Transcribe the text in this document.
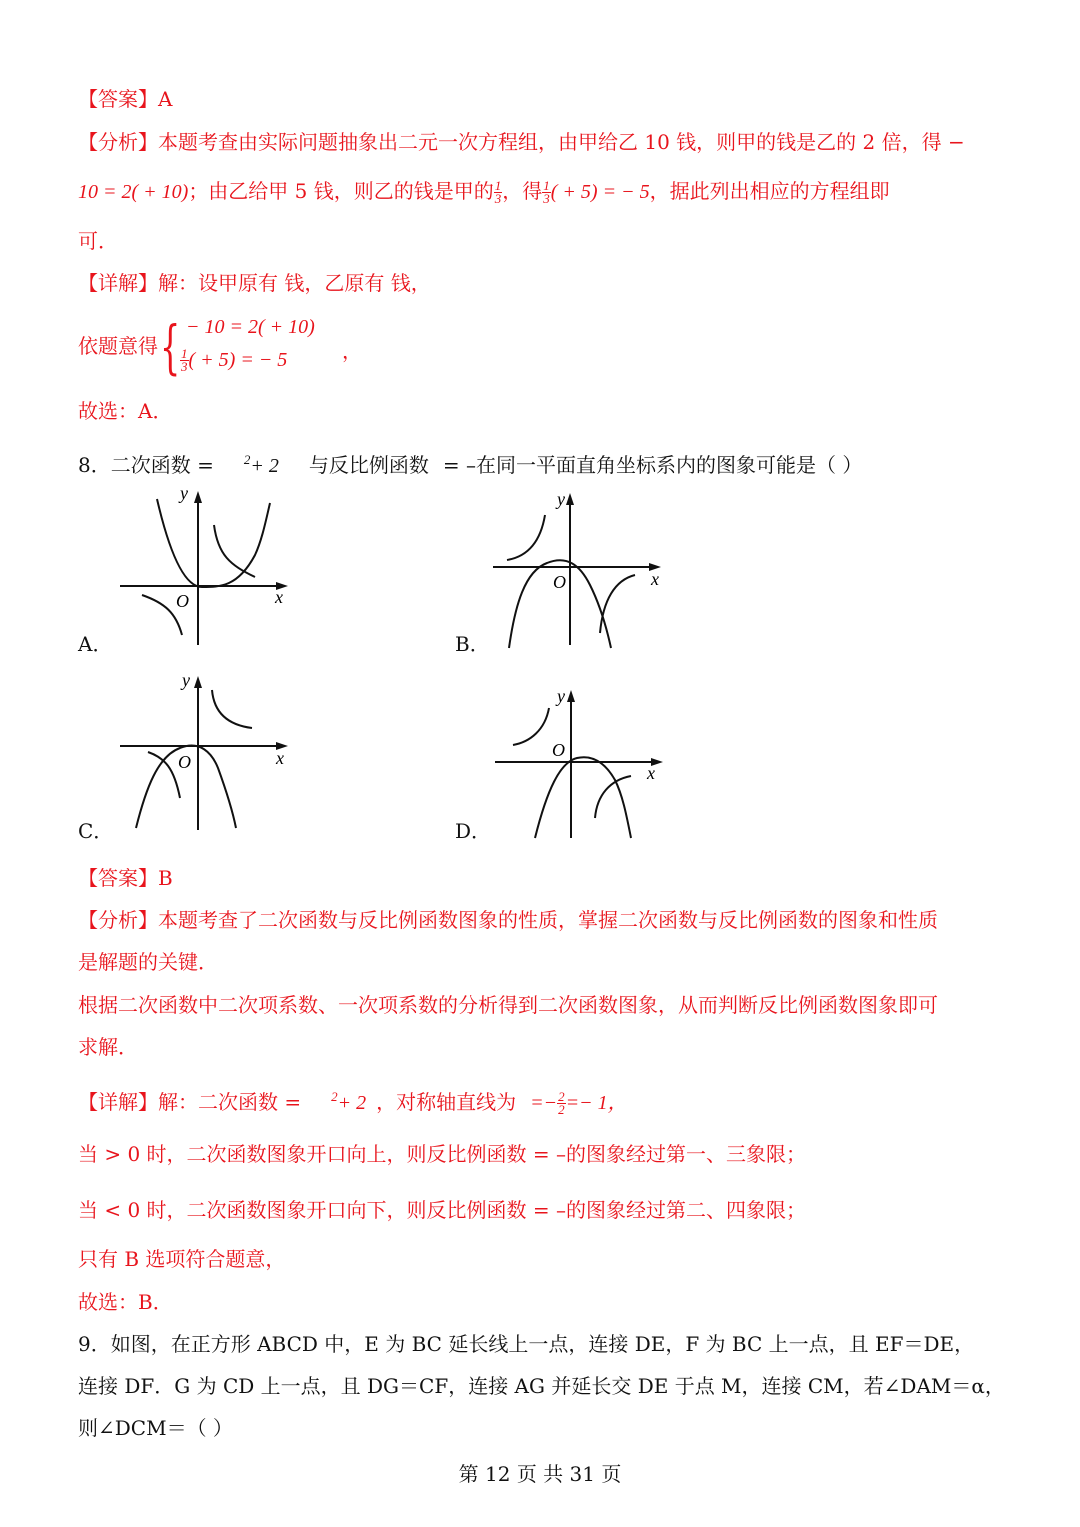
【答案】A
【分析】本题考查由实际问题抽象出二元一次方程组，由甲给乙 10 钱，则甲的钱是乙的 2 倍，得 −
10 = 2( + 10)；由乙给甲 5 钱，则乙的钱是甲的 $\frac{1}{3}$ ，得 $\frac{1}{3}$ ( + 5) = − 5，据此列出相应的方程组即
可．
【详解】解：设甲原有 钱，乙原有 钱，
依题意得 { − 10 = 2( + 10)
$\frac{1}{3}$ ( + 5) = − 5	，
故选：A．
8．二次函数 = $^2$+ 2 与反比例函数 = –在同一平面直角坐标系内的图象可能是（ ）
y
x
O
A．
y
x
O
B．
y
x
O
C．
y
x
O
D．
【答案】B
【分析】本题考查了二次函数与反比例函数图象的性质，掌握二次函数与反比例函数的图象和性质
是解题的关键．
根据二次函数中二次项系数、一次项系数的分析得到二次函数图象，从而判断反比例函数图象即可
求解．
【详解】解：二次函数 = $^2$+ 2 ，对称轴直线为 =− $\frac{2}{2} =- 1$，
当 > 0 时，二次函数图象开口向上，则反比例函数 = –的图象经过第一、三象限；
当 < 0 时，二次函数图象开口向下，则反比例函数 = –的图象经过第二、四象限；
只有 B 选项符合题意，
故选：B．
9．如图，在正方形 ABCD 中，E 为 BC 延长线上一点，连接 DE，F 为 BC 上一点，且 EF＝DE，
连接 DF．G 为 CD 上一点，且 DG＝CF，连接 AG 并延长交 DE 于点 M，连接 CM，若∠DAM＝α，
则∠DCM＝（ ）
第 12 页 共 31 页
